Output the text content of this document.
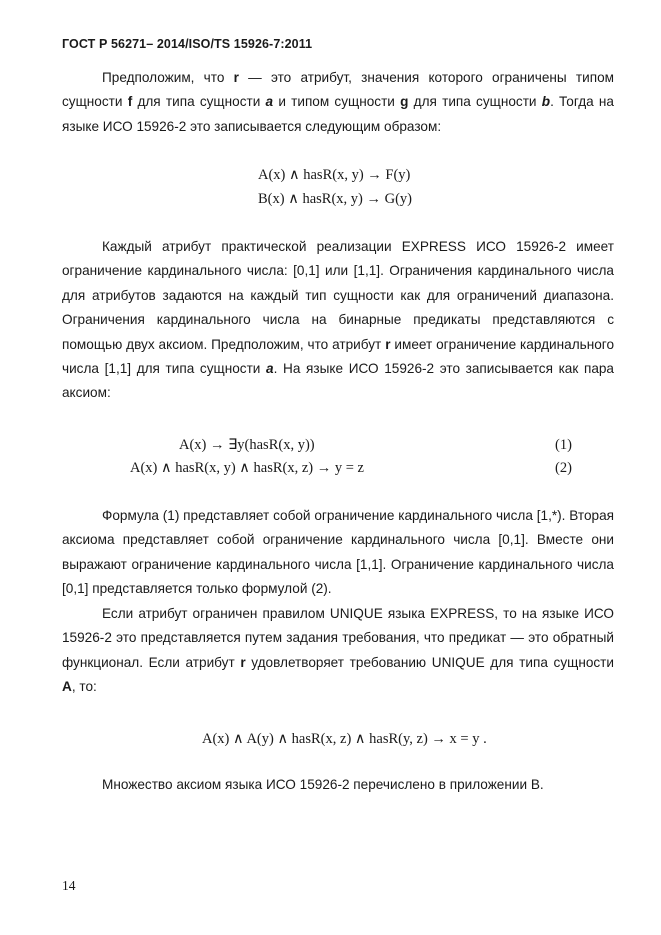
ГОСТ Р 56271– 2014/ISO/TS 15926-7:2011

Предположим, что r — это атрибут, значения которого ограничены типом сущности f для типа сущности a и типом сущности g для типа сущности b. Тогда на языке ИСО 15926-2 это записывается следующим образом:

A(x) ∧ hasR(x, y) → F(y)
B(x) ∧ hasR(x, y) → G(y)

Каждый атрибут практической реализации EXPRESS ИСО 15926-2 имеет ограничение кардинального числа: [0,1] или [1,1]. Ограничения кардинального числа для атрибутов задаются на каждый тип сущности как для ограничений диапазона. Ограничения кардинального числа на бинарные предикаты представляются с помощью двух аксиом. Предположим, что атрибут r имеет ограничение кардинального числа [1,1] для типа сущности a. На языке ИСО 15926-2 это записывается как пара аксиом:

A(x) → ∃y(hasR(x, y))	(1)
A(x) ∧ hasR(x, y) ∧ hasR(x, z) → y = z	(2)

Формула (1) представляет собой ограничение кардинального числа [1,*). Вторая аксиома представляет собой ограничение кардинального числа [0,1]. Вместе они выражают ограничение кардинального числа [1,1]. Ограничение кардинального числа [0,1] представляется только формулой (2).

Если атрибут ограничен правилом UNIQUE языка EXPRESS, то на языке ИСО 15926-2 это представляется путем задания требования, что предикат — это обратный функционал. Если атрибут r удовлетворяет требованию UNIQUE для типа сущности A, то:

A(x) ∧ A(y) ∧ hasR(x, z) ∧ hasR(y, z) → x = y .

Множество аксиом языка ИСО 15926-2 перечислено в приложении В.

14
